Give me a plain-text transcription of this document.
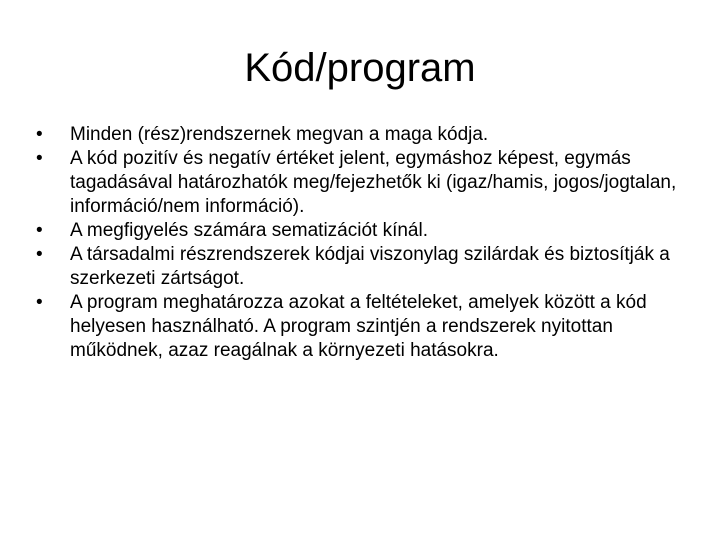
Kód/program
•	Minden (rész)rendszernek megvan a maga kódja.
•	A kód pozitív és negatív értéket jelent, egymáshoz képest, egymás tagadásával határozhatók meg/fejezhetők ki (igaz/hamis, jogos/jogtalan, információ/nem információ).
•	A megfigyelés számára sematizációt kínál.
•	A társadalmi részrendszerek kódjai viszonylag szilárdak és biztosítják a szerkezeti zártságot.
•	A program meghatározza azokat a feltételeket, amelyek között a kód helyesen használható. A program szintjén a rendszerek nyitottan működnek, azaz reagálnak a környezeti hatásokra.
